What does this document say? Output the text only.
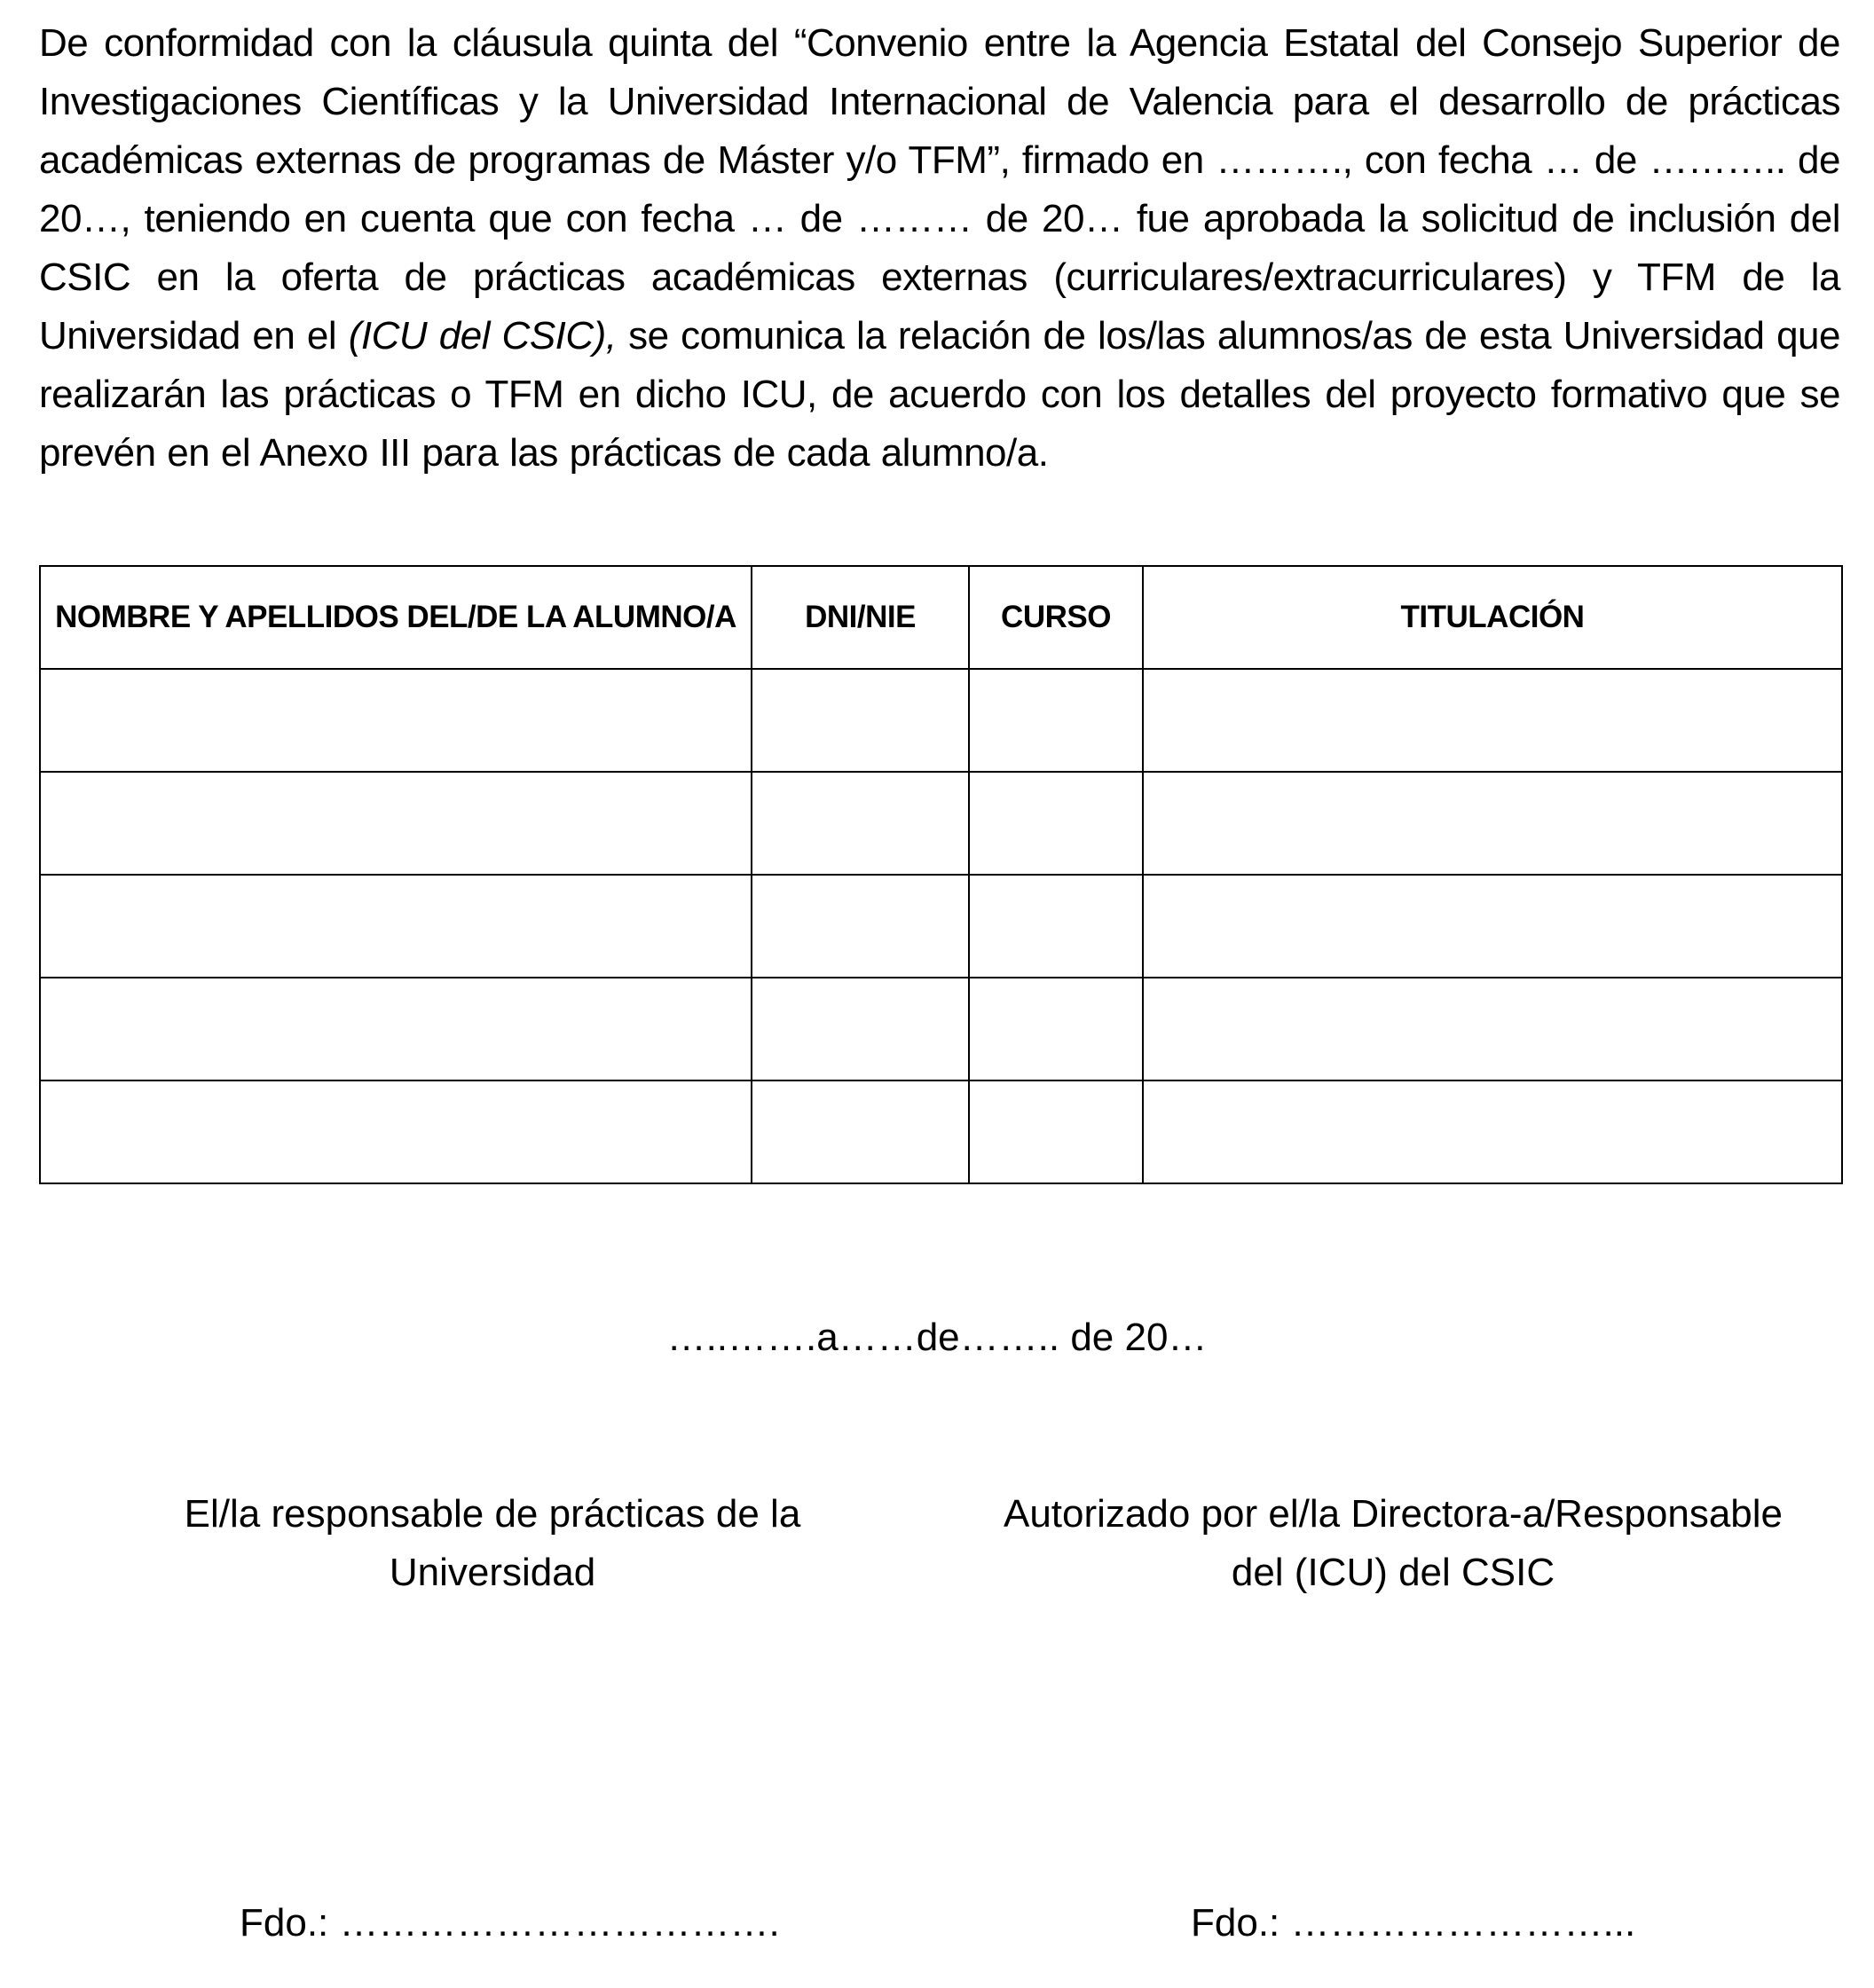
De conformidad con la cláusula quinta del “Convenio entre la Agencia Estatal del Consejo Superior de Investigaciones Científicas y la Universidad Internacional de Valencia para el desarrollo de prácticas académicas externas de programas de Máster y/o TFM”, firmado en ………., con fecha … de ……….. de 20…, teniendo en cuenta que con fecha … de ……… de 20… fue aprobada la solicitud de inclusión del CSIC en la oferta de prácticas académicas externas (curriculares/extracurriculares) y TFM de la Universidad en el (ICU del CSIC), se comunica la relación de los/las alumnos/as de esta Universidad que realizarán las prácticas o TFM en dicho ICU, de acuerdo con los detalles del proyecto formativo que se prevén en el Anexo III para las prácticas de cada alumno/a.

NOMBRE Y APELLIDOS DEL/DE LA ALUMNO/A	DNI/NIE	CURSO	TITULACIÓN

…..…….a……de…….. de 20…

El/la responsable de prácticas de la Universidad

Autorizado por el/la Directora-a/Responsable del (ICU) del CSIC

Fdo.: …………………………….	Fdo.: ……………………...
